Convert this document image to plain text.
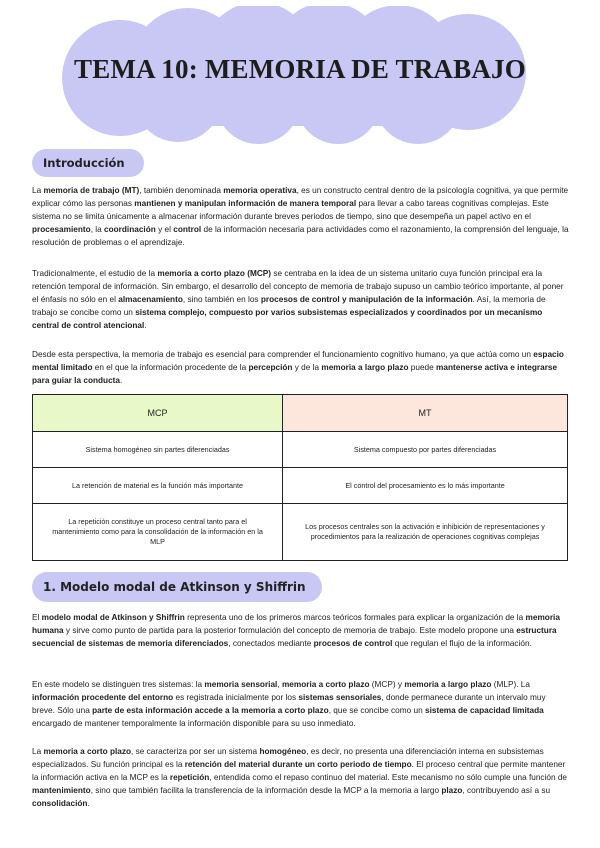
TEMA 10: MEMORIA DE TRABAJO
Introducción
La memoria de trabajo (MT), también denominada memoria operativa, es un constructo central dentro de la psicología cognitiva, ya que permite explicar cómo las personas mantienen y manipulan información de manera temporal para llevar a cabo tareas cognitivas complejas. Este sistema no se limita únicamente a almacenar información durante breves periodos de tiempo, sino que desempeña un papel activo en el procesamiento, la coordinación y el control de la información necesaria para actividades como el razonamiento, la comprensión del lenguaje, la resolución de problemas o el aprendizaje.
Tradicionalmente, el estudio de la memoria a corto plazo (MCP) se centraba en la idea de un sistema unitario cuya función principal era la retención temporal de información. Sin embargo, el desarrollo del concepto de memoria de trabajo supuso un cambio teórico importante, al poner el énfasis no sólo en el almacenamiento, sino también en los procesos de control y manipulación de la información. Así, la memoria de trabajo se concibe como un sistema complejo, compuesto por varios subsistemas especializados y coordinados por un mecanismo central de control atencional.
Desde esta perspectiva, la memoria de trabajo es esencial para comprender el funcionamiento cognitivo humano, ya que actúa como un espacio mental limitado en el que la información procedente de la percepción y de la memoria a largo plazo puede mantenerse activa e integrarse para guiar la conducta.
MCP	MT
Sistema homogéneo sin partes diferenciadas	Sistema compuesto por partes diferenciadas
La retención de material es la función más importante	El control del procesamiento es lo más importante
La repetición constituye un proceso central tanto para el mantenimiento como para la consolidación de la información en la MLP	Los procesos centrales son la activación e inhibición de representaciones y procedimientos para la realización de operaciones cognitivas complejas
1. Modelo modal de Atkinson y Shiffrin
El modelo modal de Atkinson y Shiffrin representa uno de los primeros marcos teóricos formales para explicar la organización de la memoria humana y sirve como punto de partida para la posterior formulación del concepto de memoria de trabajo. Este modelo propone una estructura secuencial de sistemas de memoria diferenciados, conectados mediante procesos de control que regulan el flujo de la información.
En este modelo se distinguen tres sistemas: la memoria sensorial, memoria a corto plazo (MCP) y memoria a largo plazo (MLP). La información procedente del entorno es registrada inicialmente por los sistemas sensoriales, donde permanece durante un intervalo muy breve. Sólo una parte de esta información accede a la memoria a corto plazo, que se concibe como un sistema de capacidad limitada encargado de mantener temporalmente la información disponible para su uso inmediato.
La memoria a corto plazo, se caracteriza por ser un sistema homogéneo, es decir, no presenta una diferenciación interna en subsistemas especializados. Su función principal es la retención del material durante un corto periodo de tiempo. El proceso central que permite mantener la información activa en la MCP es la repetición, entendida como el repaso continuo del material. Este mecanismo no sólo cumple una función de mantenimiento, sino que también facilita la transferencia de la información desde la MCP a la memoria a largo plazo, contribuyendo así a su consolidación.
